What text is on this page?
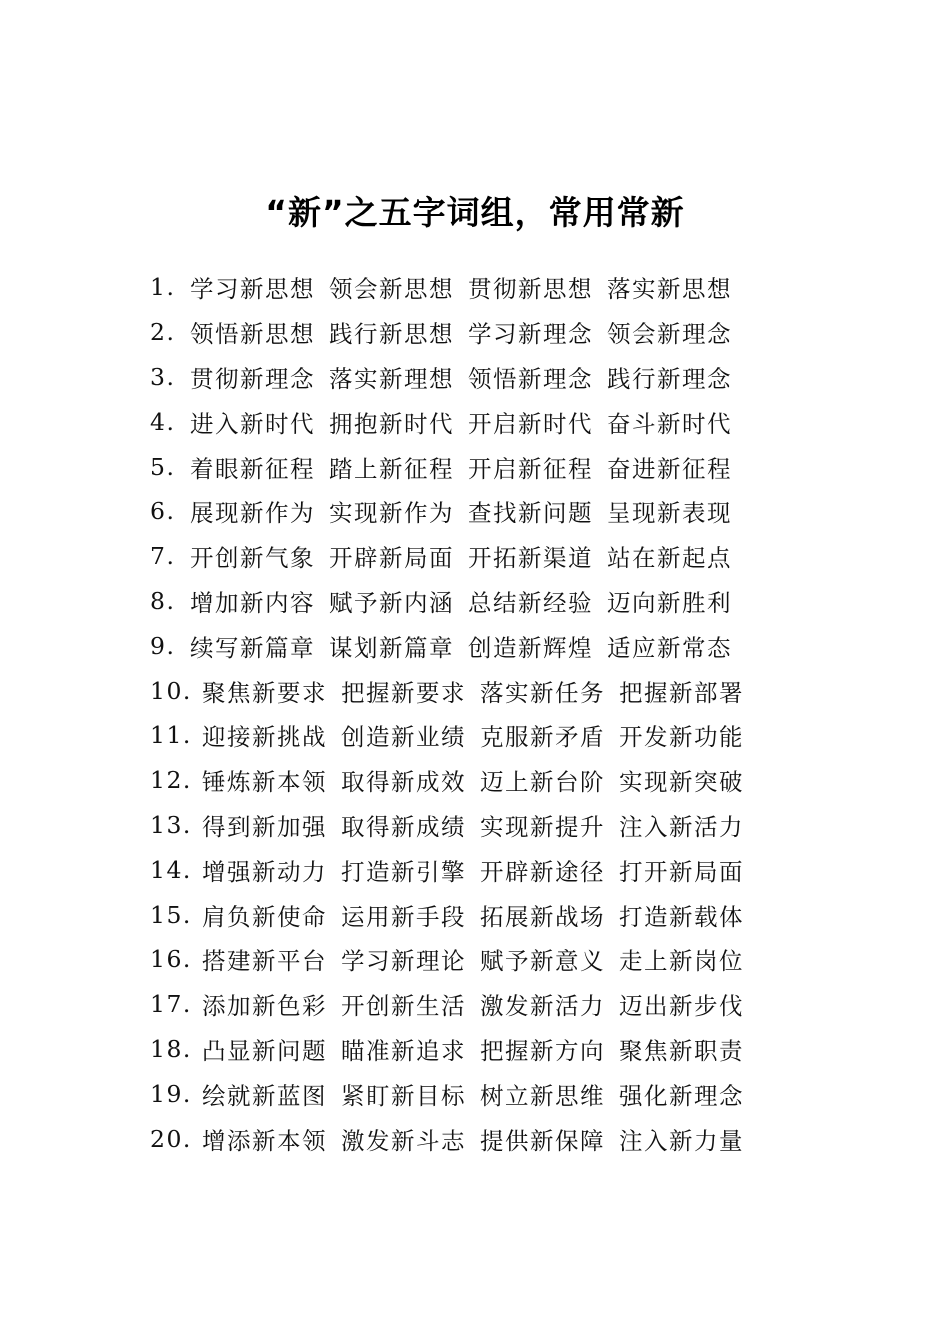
“新”之五字词组，常用常新
1. 学习新思想 领会新思想 贯彻新思想 落实新思想
2. 领悟新思想 践行新思想 学习新理念 领会新理念
3. 贯彻新理念 落实新理想 领悟新理念 践行新理念
4. 进入新时代 拥抱新时代 开启新时代 奋斗新时代
5. 着眼新征程 踏上新征程 开启新征程 奋进新征程
6. 展现新作为 实现新作为 查找新问题 呈现新表现
7. 开创新气象 开辟新局面 开拓新渠道 站在新起点
8. 增加新内容 赋予新内涵 总结新经验 迈向新胜利
9. 续写新篇章 谋划新篇章 创造新辉煌 适应新常态
10. 聚焦新要求 把握新要求 落实新任务 把握新部署
11. 迎接新挑战 创造新业绩 克服新矛盾 开发新功能
12. 锤炼新本领 取得新成效 迈上新台阶 实现新突破
13. 得到新加强 取得新成绩 实现新提升 注入新活力
14. 增强新动力 打造新引擎 开辟新途径 打开新局面
15. 肩负新使命 运用新手段 拓展新战场 打造新载体
16. 搭建新平台 学习新理论 赋予新意义 走上新岗位
17. 添加新色彩 开创新生活 激发新活力 迈出新步伐
18. 凸显新问题 瞄准新追求 把握新方向 聚焦新职责
19. 绘就新蓝图 紧盯新目标 树立新思维 强化新理念
20. 增添新本领 激发新斗志 提供新保障 注入新力量
